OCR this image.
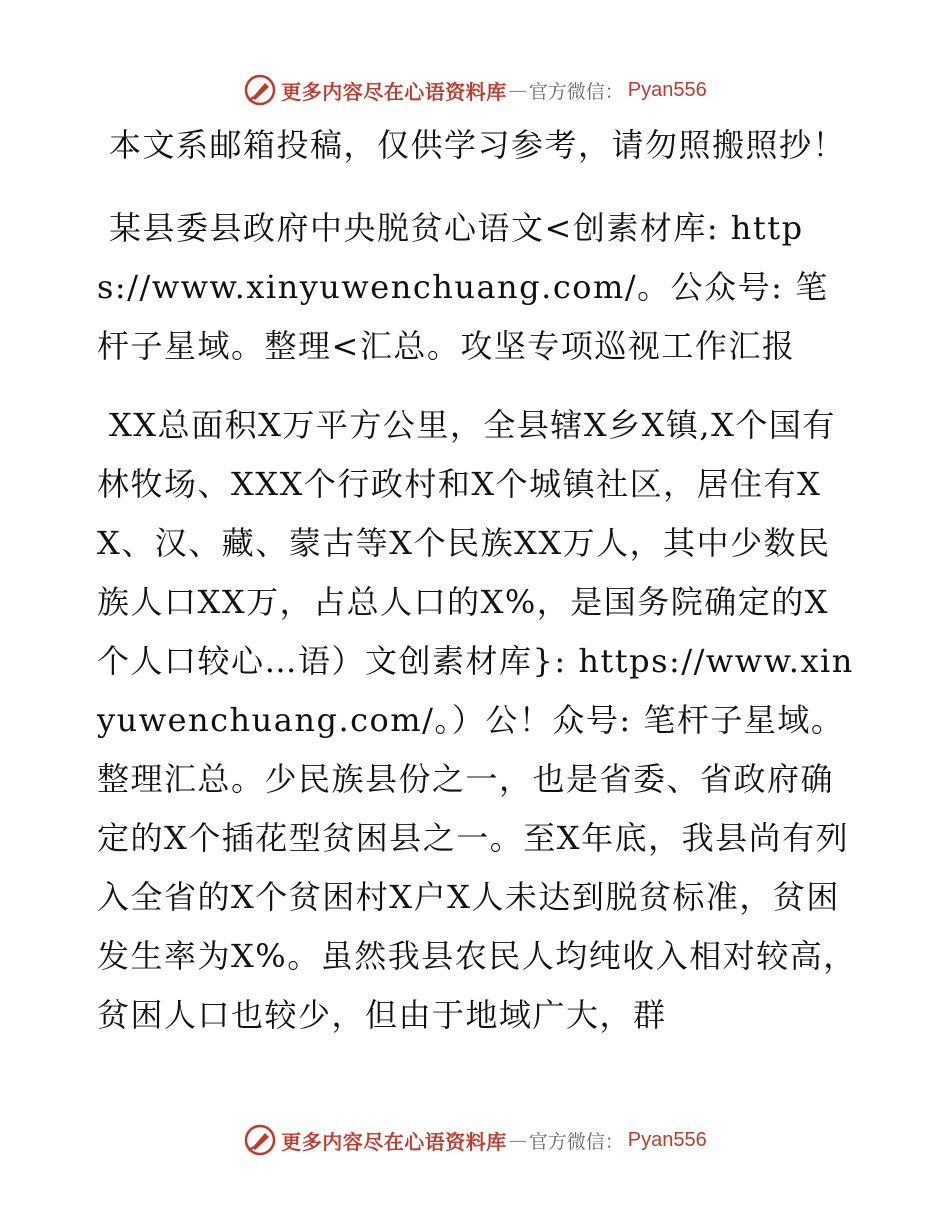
更多内容尽在心语资料库 — 官方微信： Pyan556

本文系邮箱投稿，仅供学习参考，请勿照搬照抄！

某县委县政府中央脱贫心语文<创素材库: https://www.xinyuwenchuang.com/。公众号: 笔杆子星域。整理<汇总。攻坚专项巡视工作汇报

XX总面积X万平方公里，全县辖X乡X镇,X个国有林牧场、XXX个行政村和X个城镇社区，居住有XX、汉、藏、蒙古等X个民族XX万人，其中少数民族人口XX万，占总人口的X%，是国务院确定的X个人口较心…语）文创素材库}: https://www.xinyuwenchuang.com/。）公！众号: 笔杆子星域。整理汇总。少民族县份之一，也是省委、省政府确定的X个插花型贫困县之一。至X年底，我县尚有列入全省的X个贫困村X户X人未达到脱贫标准，贫困发生率为X%。虽然我县农民人均纯收入相对较高，贫困人口也较少，但由于地域广大，群

更多内容尽在心语资料库 — 官方微信： Pyan556
